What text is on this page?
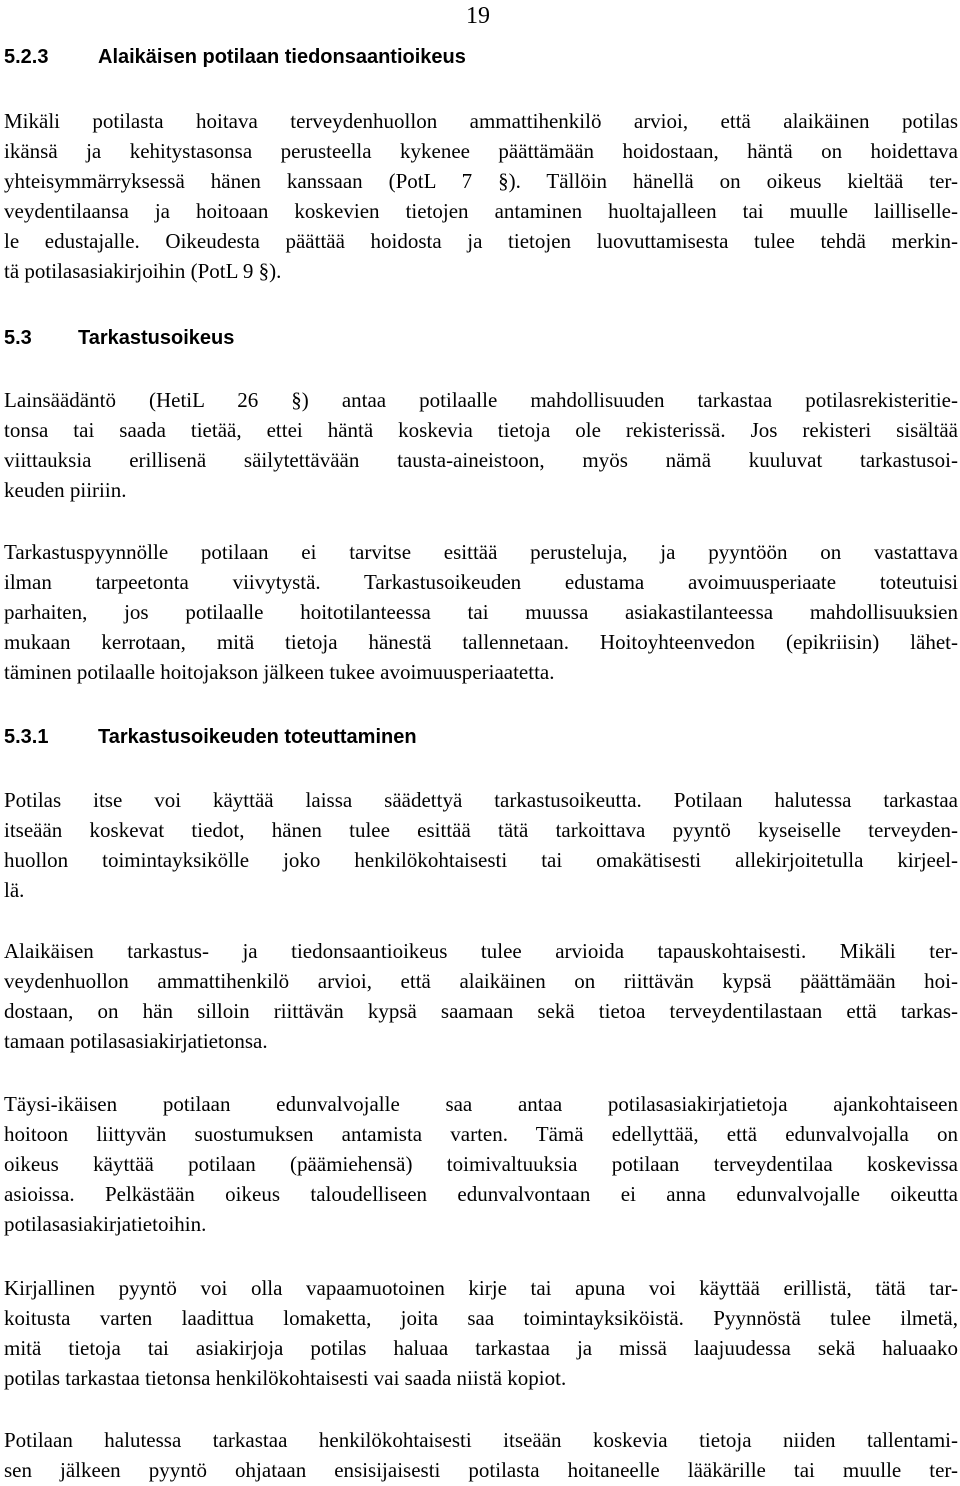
19
5.2.3 Alaikäisen potilaan tiedonsaantioikeus
Mikäli potilasta hoitava terveydenhuollon ammattihenkilö arvioi, että alaikäinen potilas
ikänsä ja kehitystasonsa perusteella kykenee päättämään hoidostaan, häntä on hoidettava
yhteisymmärryksessä hänen kanssaan (PotL 7 §). Tällöin hänellä on oikeus kieltää ter-
veydentilaansa ja hoitoaan koskevien tietojen antaminen huoltajalleen tai muulle lailliselle-
le edustajalle. Oikeudesta päättää hoidosta ja tietojen luovuttamisesta tulee tehdä merkin-
tä potilasasiakirjoihin (PotL 9 §).
5.3 Tarkastusoikeus
Lainsäädäntö (HetiL 26 §) antaa potilaalle mahdollisuuden tarkastaa potilasrekisteritie-
tonsa tai saada tietää, ettei häntä koskevia tietoja ole rekisterissä. Jos rekisteri sisältää
viittauksia erillisenä säilytettävään tausta-aineistoon, myös nämä kuuluvat tarkastusoi-
keuden piiriin.
Tarkastuspyynnölle potilaan ei tarvitse esittää perusteluja, ja pyyntöön on vastattava
ilman tarpeetonta viivytystä. Tarkastusoikeuden edustama avoimuusperiaate toteutuisi
parhaiten, jos potilaalle hoitotilanteessa tai muussa asiakastilanteessa mahdollisuuksien
mukaan kerrotaan, mitä tietoja hänestä tallennetaan. Hoitoyhteenvedon (epikriisin) lähet-
täminen potilaalle hoitojakson jälkeen tukee avoimuusperiaatetta.
5.3.1 Tarkastusoikeuden toteuttaminen
Potilas itse voi käyttää laissa säädettyä tarkastusoikeutta. Potilaan halutessa tarkastaa
itseään koskevat tiedot, hänen tulee esittää tätä tarkoittava pyyntö kyseiselle terveyden-
huollon toimintayksikölle joko henkilökohtaisesti tai omakätisesti allekirjoitetulla kirjeel-
lä.
Alaikäisen tarkastus- ja tiedonsaantioikeus tulee arvioida tapauskohtaisesti. Mikäli ter-
veydenhuollon ammattihenkilö arvioi, että alaikäinen on riittävän kypsä päättämään hoi-
dostaan, on hän silloin riittävän kypsä saamaan sekä tietoa terveydentilastaan että tarkas-
tamaan potilasasiakirjatietonsa.
Täysi-ikäisen potilaan edunvalvojalle saa antaa potilasasiakirjatietoja ajankohtaiseen
hoitoon liittyvän suostumuksen antamista varten. Tämä edellyttää, että edunvalvojalla on
oikeus käyttää potilaan (päämiehensä) toimivaltuuksia potilaan terveydentilaa koskevissa
asioissa. Pelkästään oikeus taloudelliseen edunvalvontaan ei anna edunvalvojalle oikeutta
potilasasiakirjatietoihin.
Kirjallinen pyyntö voi olla vapaamuotoinen kirje tai apuna voi käyttää erillistä, tätä tar-
koitusta varten laadittua lomaketta, joita saa toimintayksiköistä. Pyynnöstä tulee ilmetä,
mitä tietoja tai asiakirjoja potilas haluaa tarkastaa ja missä laajuudessa sekä haluaako
potilas tarkastaa tietonsa henkilökohtaisesti vai saada niistä kopiot.
Potilaan halutessa tarkastaa henkilökohtaisesti itseään koskevia tietoja niiden tallentami-
sen jälkeen pyyntö ohjataan ensisijaisesti potilasta hoitaneelle lääkärille tai muulle ter-
